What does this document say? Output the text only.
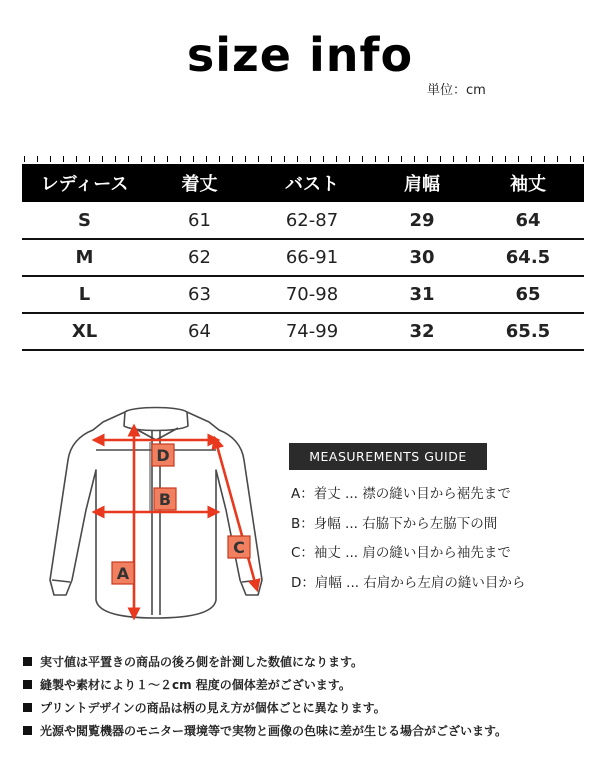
size info
単位：cm
レディース	着丈	バスト	肩幅	袖丈
S	61	62-87	29	64
M	62	66-91	30	64.5
L	63	70-98	31	65
XL	64	74-99	32	65.5
D
B
A
C
MEASUREMENTS GUIDE
A：着丈 ... 襟の縫い目から裾先まで
B：身幅 ... 右脇下から左脇下の間
C：袖丈 ... 肩の縫い目から袖先まで
D：肩幅 ... 右肩から左肩の縫い目から
実寸値は平置きの商品の後ろ側を計測した数値になります。
縫製や素材により１～２cm 程度の個体差がございます。
プリントデザインの商品は柄の見え方が個体ごとに異なります。
光源や閲覧機器のモニター環境等で実物と画像の色味に差が生じる場合がございます。
